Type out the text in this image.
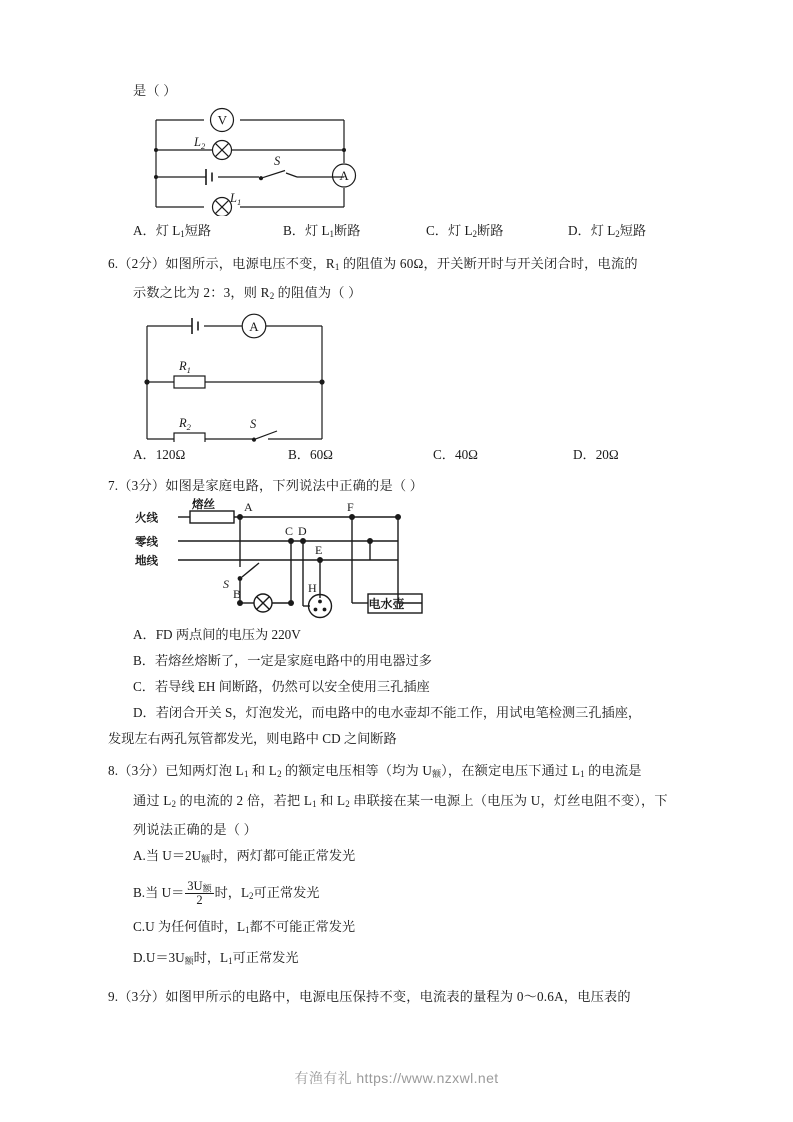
是（ ）
V
A
$L_2$
$L_1$
S
A．灯 $L_1$短路	B．灯 $L_1$断路	C．灯 $L_2$断路	D．灯 $L_2$短路
6.（2分）如图所示，电源电压不变，$R_1$ 的阻值为 60Ω，开关断开时与开关闭合时，电流的
示数之比为 2：3，则 $R_2$ 的阻值为（ ）
A
$R_1$
$R_2$	S
A．120Ω	B．60Ω	C．40Ω	D．20Ω
7.（3分）如图是家庭电路，下列说法中正确的是（ ）
火线
零线
地线
熔丝
电水壶
A
B
C D
E
F
H
S
A．FD 两点间的电压为 220V
B．若熔丝熔断了，一定是家庭电路中的用电器过多
C．若导线 EH 间断路，仍然可以安全使用三孔插座
D．若闭合开关 S，灯泡发光，而电路中的电水壶却不能工作，用试电笔检测三孔插座，
发现左右两孔氖管都发光，则电路中 CD 之间断路
8.（3分）已知两灯泡 $L_1$ 和 $L_2$ 的额定电压相等（均为 $U_额$），在额定电压下通过 $L_1$ 的电流是
通过 $L_2$ 的电流的 2 倍，若把 $L_1$ 和 $L_2$ 串联接在某一电源上（电压为 U，灯丝电阻不变），下
列说法正确的是（ ）
A.当 $U=2U_额$时，两灯都可能正常发光
B.当 $U= \frac{\text{3U额}}{2}$ 时，$L_2$可正常发光
C.U 为任何值时，$L_1$都不可能正常发光
$D.U=3U_额$时，$L_1$可正常发光
9.（3分）如图甲所示的电路中，电源电压保持不变，电流表的量程为 0～0.6A，电压表的
有渔有礼 https://www.nzxwl.net
